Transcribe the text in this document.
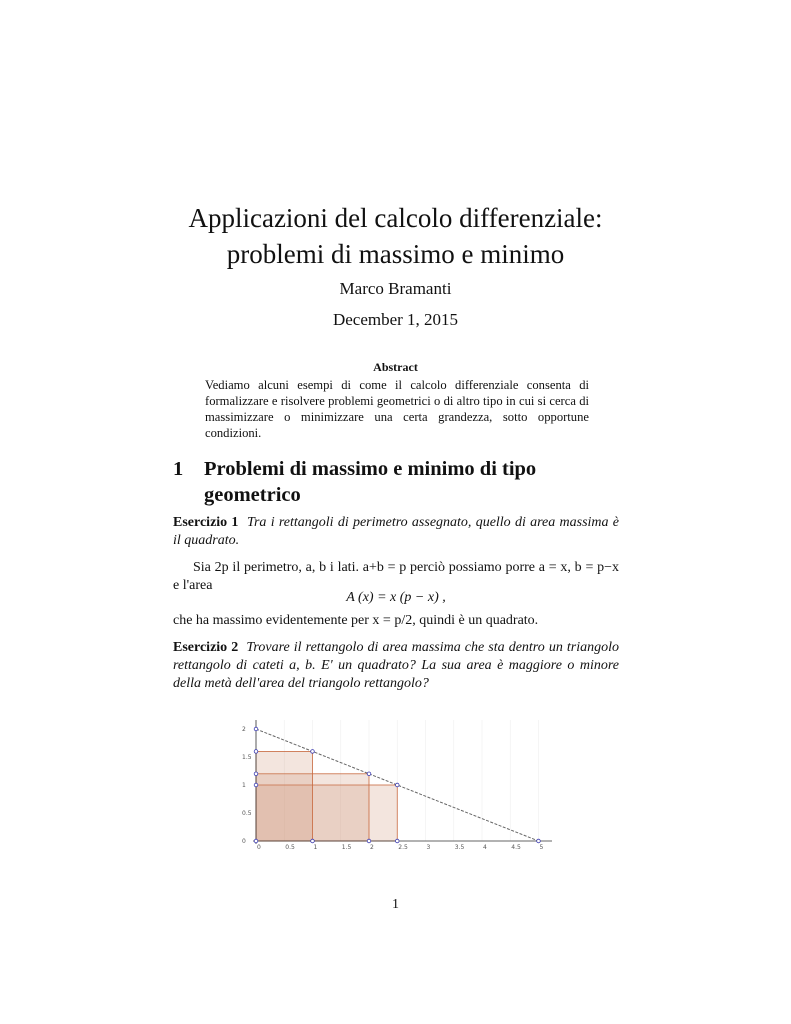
Applicazioni del calcolo differenziale:
problemi di massimo e minimo
Marco Bramanti
December 1, 2015
Abstract
Vediamo alcuni esempi di come il calcolo differenziale consenta di formalizzare e risolvere problemi geometrici o di altro tipo in cui si cerca di massimizzare o minimizzare una certa grandezza, sotto opportune condizioni.
1 Problemi di massimo e minimo di tipo geometrico
Esercizio 1 Tra i rettangoli di perimetro assegnato, quello di area massima è il quadrato.
Sia 2p il perimetro, a, b i lati. a+b = p perciò possiamo porre a = x, b = p−x e l'area
A (x) = x (p − x) ,
che ha massimo evidentemente per x = p/2, quindi è un quadrato.
Esercizio 2 Trovare il rettangolo di area massima che sta dentro un triangolo rettangolo di cateti a, b. E' un quadrato? La sua area è maggiore o minore della metà dell'area del triangolo rettangolo?
0	0.5	1	1.5	2	2.5	3	3.5	4	4.5	5
0
0.5
1
1.5
2
1
